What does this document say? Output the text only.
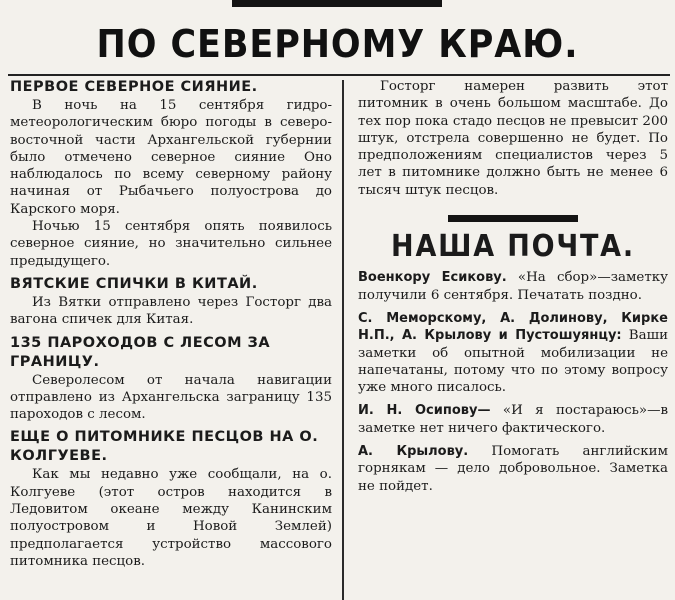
ПО СЕВЕРНОМУ КРАЮ.
ПЕРВОЕ СЕВЕРНОЕ СИЯНИЕ.

В ночь на 15 сентября гидро-метеорологическим бюро погоды в северо-восточной части Архангельской губернии было отмечено северное сияние Оно наблюдалось по всему северному району начиная от Рыбачьего полуострова до Карского моря.

Ночью 15 сентября опять появилось северное сияние, но значительно сильнее предыдущего.

ВЯТСКИЕ СПИЧКИ В КИТАЙ.

Из Вятки отправлено через Госторг два вагона спичек для Китая.

135 ПАРОХОДОВ С ЛЕСОМ ЗА ГРАНИЦУ.

Северолесом от начала навигации отправлено из Архангельска заграницу 135 пароходов с лесом.

ЕЩЕ О ПИТОМНИКЕ ПЕСЦОВ НА О. КОЛГУЕВЕ.

Как мы недавно уже сообщали, на о. Колгуеве (этот остров находится в Ледовитом океане между Канинским полуостровом и Новой Землей) предполагается устройство массового питомника песцов.

Госторг намерен развить этот питомник в очень большом масштабе. До тех пор пока стадо песцов не превысит 200 штук, отстрела совершенно не будет. По предположениям специалистов через 5 лет в питомнике должно быть не менее 6 тысяч штук песцов.

НАША ПОЧТА.

Военкору Есикову. «На сбор»—заметку получили 6 сентября. Печатать поздно.

С. Меморскому, А. Долинову, Кирке Н.П., А. Крылову и Пустошуянцу: Ваши заметки об опытной мобилизации не напечатаны, потому что по этому вопросу уже много писалось.

И. Н. Осипову— «И я постараюсь»—в заметке нет ничего фактического.

А. Крылову. Помогать английским горнякам — дело добровольное. Заметка не пойдет.
